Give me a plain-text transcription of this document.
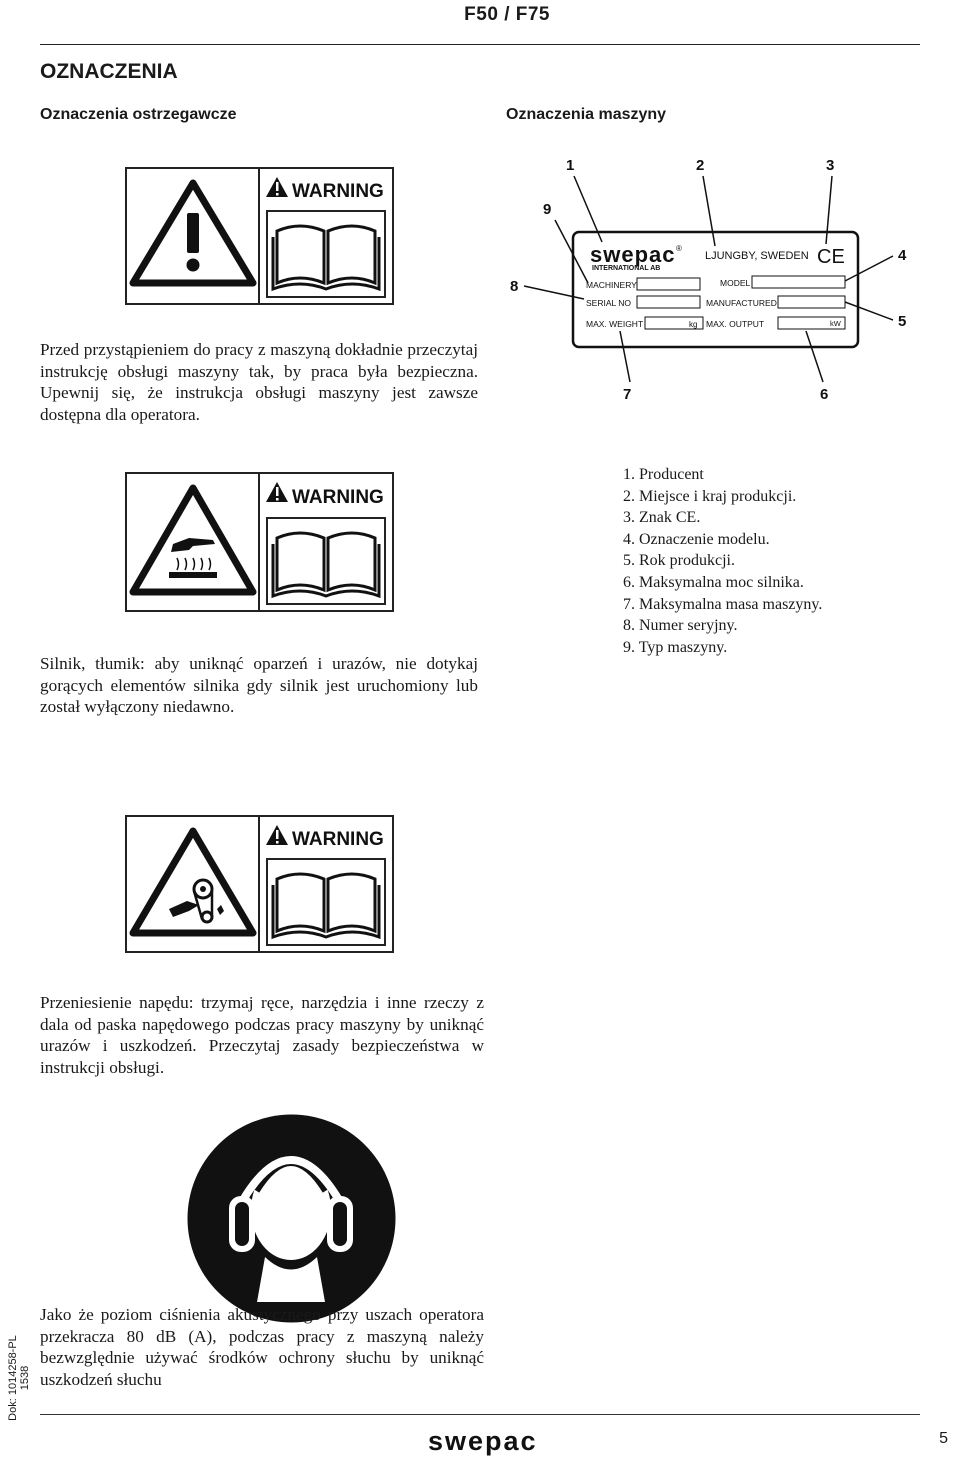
F50 / F75
OZNACZENIA
Oznaczenia ostrzegawcze	Oznaczenia maszyny
WARNING

Przed przystąpieniem do pracy z maszyną dokładnie przeczytaj instrukcję obsługi maszyny tak, by praca była bezpieczna. Upewnij się, że instrukcja obsługi maszyny jest zawsze dostępna dla operatora.

WARNING

Silnik, tłumik: aby uniknąć oparzeń i urazów, nie dotykaj gorących elementów silnika gdy silnik jest uruchomiony lub został wyłączony niedawno.

WARNING

Przeniesienie napędu: trzymaj ręce, narzędzia i inne rzeczy z dala od paska napędowego podczas pracy maszyny by uniknąć urazów i uszkodzeń. Przeczytaj zasady bezpieczeństwa w instrukcji obsługi.

Jako że poziom ciśnienia akustycznego przy uszach operatora przekracza 80 dB (A), podczas pracy z maszyną należy bezwzględnie używać środków ochrony słuchu by uniknąć uszkodzeń słuchu

swepac ®
INTERNATIONAL AB
LJUNGBY, SWEDEN CE
MACHINERY
SERIAL NO
MAX. WEIGHT	kg
MODEL
MANUFACTURED
MAX. OUTPUT	kW
1	2	3
4
5
6
7
8
9
1. Producent
2. Miejsce i kraj produkcji.
3. Znak CE.
4. Oznaczenie modelu.
5. Rok produkcji.
6. Maksymalna moc silnika.
7. Maksymalna masa maszyny.
8. Numer seryjny.
9. Typ maszyny.
Dok: 1014258-PL 1538
swepac	5
